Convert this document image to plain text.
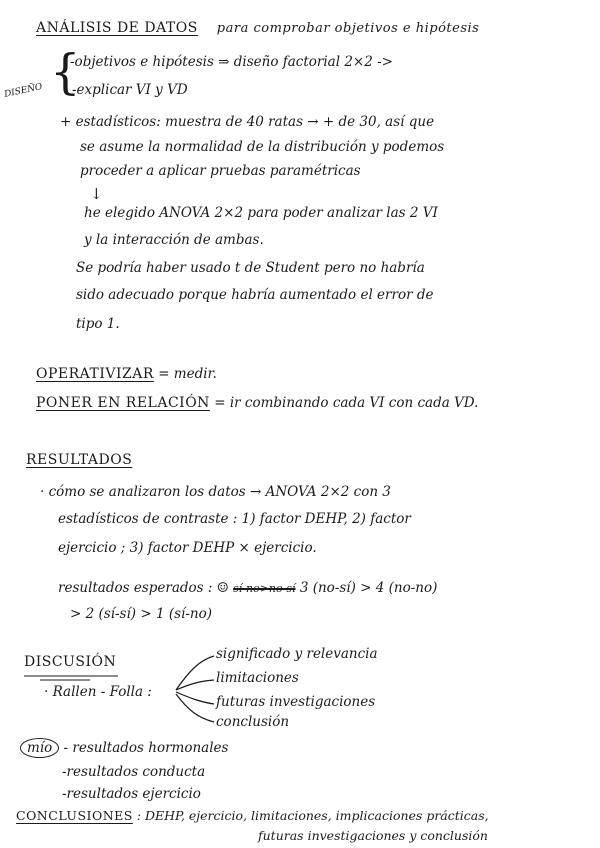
ANÁLISIS DE DATOS para comprobar objetivos e hipótesis
DISEÑO {
-objetivos e hipótesis ⇒ diseño factorial 2×2 ->
-explicar VI y VD
+ estadísticos: muestra de 40 ratas → + de 30, así que
se asume la normalidad de la distribución y podemos
proceder a aplicar pruebas paramétricas
↓
he elegido ANOVA 2×2 para poder analizar las 2 VI
y la interacción de ambas.
Se podría haber usado t de Student pero no habría
sido adecuado porque habría aumentado el error de
tipo 1.
OPERATIVIZAR = medir.
PONER EN RELACIÓN = ir combinando cada VI con cada VD.
RESULTADOS
· cómo se analizaron los datos → ANOVA 2×2 con 3
estadísticos de contraste : 1) factor DEHP, 2) factor
ejercicio ; 3) factor DEHP × ejercicio.
resultados esperados : ☺ sí-no>no-sí 3 (no-sí) > 4 (no-no)
> 2 (sí-sí) > 1 (sí-no)
DISCUSIÓN
· Rallen - Folla :
significado y relevancia
limitaciones
futuras investigaciones
conclusión
mío - resultados hormonales
-resultados conducta
-resultados ejercicio
CONCLUSIONES : DEHP, ejercicio, limitaciones, implicaciones prácticas,
futuras investigaciones y conclusión
